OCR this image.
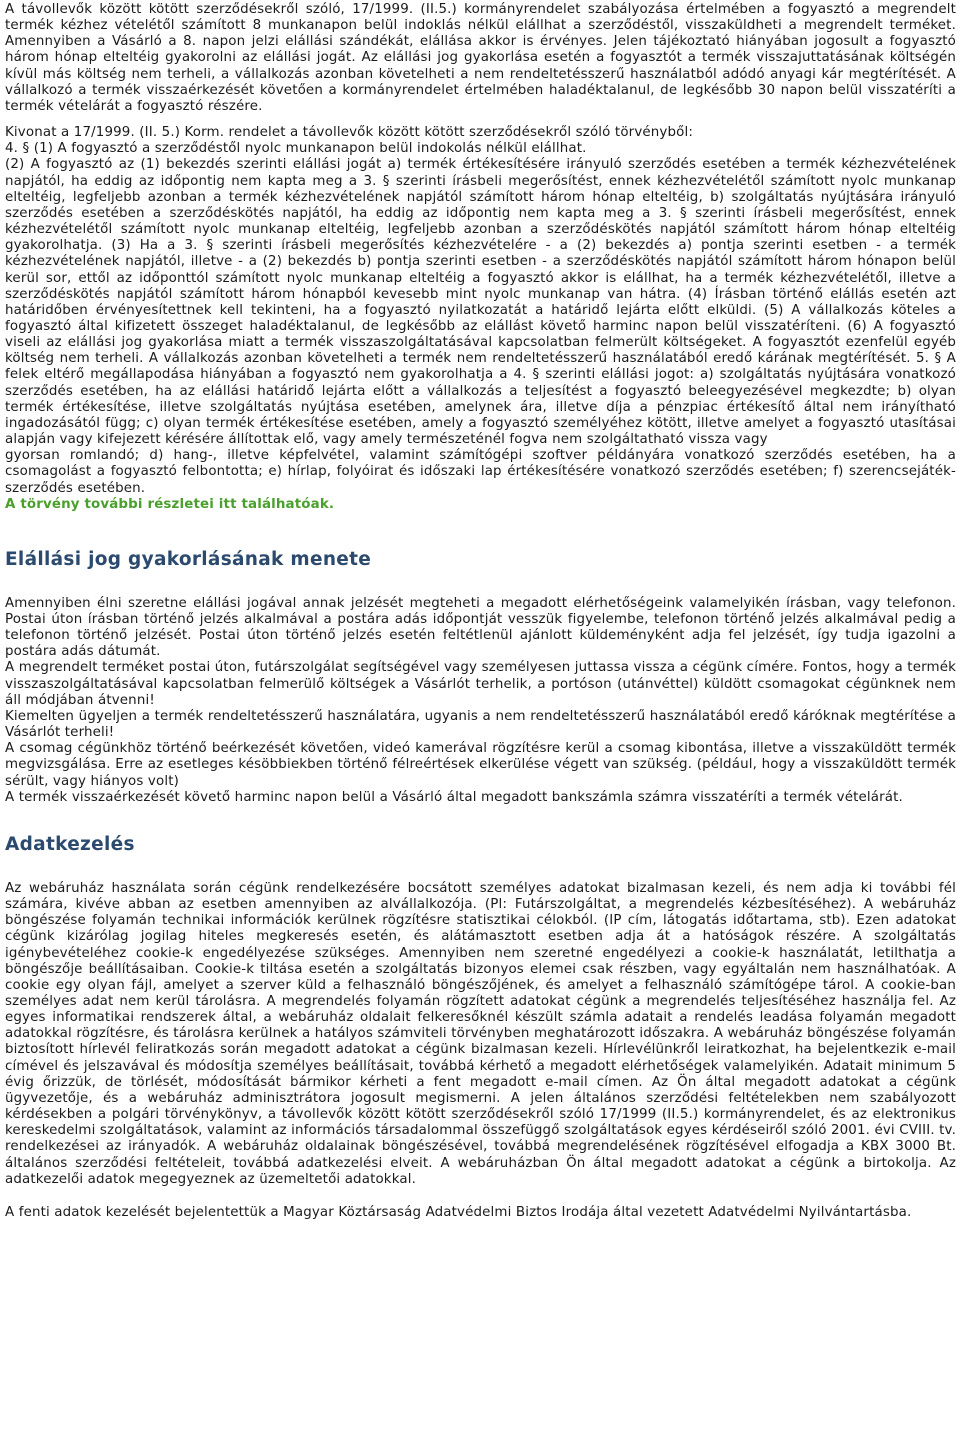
A távollevők között kötött szerződésekről szóló, 17/1999. (II.5.) kormányrendelet szabályozása értelmében a fogyasztó a megrendelt termék kézhez vételétől számított 8 munkanapon belül indoklás nélkül elállhat a szerződéstől, visszaküldheti a megrendelt terméket. Amennyiben a Vásárló a 8. napon jelzi elállási szándékát, elállása akkor is érvényes. Jelen tájékoztató hiányában jogosult a fogyasztó három hónap elteltéig gyakorolni az elállási jogát. Az elállási jog gyakorlása esetén a fogyasztót a termék visszajuttatásának költségén kívül más költség nem terheli, a vállalkozás azonban követelheti a nem rendeltetésszerű használatból adódó anyagi kár megtérítését. A vállalkozó a termék visszaérkezését követően a kormányrendelet értelmében haladéktalanul, de legkésőbb 30 napon belül visszatéríti a termék vételárát a fogyasztó részére.

Kivonat a 17/1999. (II. 5.) Korm. rendelet a távollevők között kötött szerződésekről szóló törvényből:
4. § (1) A fogyasztó a szerződéstől nyolc munkanapon belül indokolás nélkül elállhat.
(2) A fogyasztó az (1) bekezdés szerinti elállási jogát a) termék értékesítésére irányuló szerződés esetében a termék kézhezvételének napjától, ha eddig az időpontig nem kapta meg a 3. § szerinti írásbeli megerősítést, ennek kézhezvételétől számított nyolc munkanap elteltéig, legfeljebb azonban a termék kézhezvételének napjától számított három hónap elteltéig, b) szolgáltatás nyújtására irányuló szerződés esetében a szerződéskötés napjától, ha eddig az időpontig nem kapta meg a 3. § szerinti írásbeli megerősítést, ennek kézhezvételétől számított nyolc munkanap elteltéig, legfeljebb azonban a szerződéskötés napjától számított három hónap elteltéig gyakorolhatja. (3) Ha a 3. § szerinti írásbeli megerősítés kézhezvételére - a (2) bekezdés a) pontja szerinti esetben - a termék kézhezvételének napjától, illetve - a (2) bekezdés b) pontja szerinti esetben - a szerződéskötés napjától számított három hónapon belül kerül sor, ettől az időponttól számított nyolc munkanap elteltéig a fogyasztó akkor is elállhat, ha a termék kézhezvételétől, illetve a szerződéskötés napjától számított három hónapból kevesebb mint nyolc munkanap van hátra. (4) Írásban történő elállás esetén azt határidőben érvényesítettnek kell tekinteni, ha a fogyasztó nyilatkozatát a határidő lejárta előtt elküldi. (5) A vállalkozás köteles a fogyasztó által kifizetett összeget haladéktalanul, de legkésőbb az elállást követő harminc napon belül visszatéríteni. (6) A fogyasztó viseli az elállási jog gyakorlása miatt a termék visszaszolgáltatásával kapcsolatban felmerült költségeket. A fogyasztót ezenfelül egyéb költség nem terheli. A vállalkozás azonban követelheti a termék nem rendeltetésszerű használatából eredő kárának megtérítését. 5. § A felek eltérő megállapodása hiányában a fogyasztó nem gyakorolhatja a 4. § szerinti elállási jogot: a) szolgáltatás nyújtására vonatkozó szerződés esetében, ha az elállási határidő lejárta előtt a vállalkozás a teljesítést a fogyasztó beleegyezésével megkezdte; b) olyan termék értékesítése, illetve szolgáltatás nyújtása esetében, amelynek ára, illetve díja a pénzpiac értékesítő által nem irányítható ingadozásától függ; c) olyan termék értékesítése esetében, amely a fogyasztó személyéhez kötött, illetve amelyet a fogyasztó utasításai alapján vagy kifejezett kérésére állítottak elő, vagy amely természeténél fogva nem szolgáltatható vissza vagy
gyorsan romlandó; d) hang-, illetve képfelvétel, valamint számítógépi szoftver példányára vonatkozó szerződés esetében, ha a csomagolást a fogyasztó felbontotta; e) hírlap, folyóirat és időszaki lap értékesítésére vonatkozó szerződés esetében; f) szerencsejáték-szerződés esetében.

A törvény további részletei itt találhatóak.

Elállási jog gyakorlásának menete

Amennyiben élni szeretne elállási jogával annak jelzését megteheti a megadott elérhetőségeink valamelyikén írásban, vagy telefonon. Postai úton írásban történő jelzés alkalmával a postára adás időpontját vesszük figyelembe, telefonon történő jelzés alkalmával pedig a telefonon történő jelzését. Postai úton történő jelzés esetén feltétlenül ajánlott küldeményként adja fel jelzését, így tudja igazolni a postára adás dátumát.
A megrendelt terméket postai úton, futárszolgálat segítségével vagy személyesen juttassa vissza a cégünk címére. Fontos, hogy a termék visszaszolgáltatásával kapcsolatban felmerülő költségek a Vásárlót terhelik, a portóson (utánvéttel) küldött csomagokat cégünknek nem áll módjában átvenni!
Kiemelten ügyeljen a termék rendeltetésszerű használatára, ugyanis a nem rendeltetésszerű használatából eredő káróknak megtérítése a Vásárlót terheli!
A csomag cégünkhöz történő beérkezését követően, videó kamerával rögzítésre kerül a csomag kibontása, illetve a visszaküldött termék megvizsgálása. Erre az esetleges késöbbiekben történő félreértések elkerülése végett van szükség. (például, hogy a visszaküldött termék sérült, vagy hiányos volt)
A termék visszaérkezését követő harminc napon belül a Vásárló által megadott bankszámla számra visszatéríti a termék vételárát.

Adatkezelés

Az webáruház használata során cégünk rendelkezésére bocsátott személyes adatokat bizalmasan kezeli, és nem adja ki további fél számára, kivéve abban az esetben amennyiben az alvállalkozója. (Pl: Futárszolgáltat, a megrendelés kézbesítéséhez). A webáruház böngészése folyamán technikai információk kerülnek rögzítésre statisztikai célokból. (IP cím, látogatás időtartama, stb). Ezen adatokat cégünk kizárólag jogilag hiteles megkeresés esetén, és alátámasztott esetben adja át a hatóságok részére. A szolgáltatás igénybevételéhez cookie-k engedélyezése szükséges. Amennyiben nem szeretné engedélyezi a cookie-k használatát, letilthatja a böngészője beállításaiban. Cookie-k tiltása esetén a szolgáltatás bizonyos elemei csak részben, vagy egyáltalán nem használhatóak. A cookie egy olyan fájl, amelyet a szerver küld a felhasználó böngészőjének, és amelyet a felhasználó számítógépe tárol. A cookie-ban személyes adat nem kerül tárolásra. A megrendelés folyamán rögzített adatokat cégünk a megrendelés teljesítéséhez használja fel. Az egyes informatikai rendszerek által, a webáruház oldalait felkeresőknél készült számla adatait a rendelés leadása folyamán megadott adatokkal rögzítésre, és tárolásra kerülnek a hatályos számviteli törvényben meghatározott időszakra. A webáruház böngészése folyamán biztosított hírlevél feliratkozás során megadott adatokat a cégünk bizalmasan kezeli. Hírlevélünkről leiratkozhat, ha bejelentkezik e-mail címével és jelszavával és módosítja személyes beállításait, továbbá kérhető a megadott elérhetőségek valamelyikén. Adatait minimum 5 évig őrizzük, de törlését, módosítását bármikor kérheti a fent megadott e-mail címen. Az Ön által megadott adatokat a cégünk ügyvezetője, és a webáruház adminisztrátora jogosult megismerni. A jelen általános szerződési feltételekben nem szabályozott kérdésekben a polgári törvénykönyv, a távollevők között kötött szerződésekről szóló 17/1999 (II.5.) kormányrendelet, és az elektronikus kereskedelmi szolgáltatások, valamint az információs társadalommal összefüggő szolgáltatások egyes kérdéseiről szóló 2001. évi CVIII. tv. rendelkezései az irányadók. A webáruház oldalainak böngészésével, továbbá megrendelésének rögzítésével elfogadja a KBX 3000 Bt. általános szerződési feltételeit, továbbá adatkezelési elveit. A webáruházban Ön által megadott adatokat a cégünk a birtokolja. Az adatkezelői adatok megegyeznek az üzemeltetői adatokkal.

A fenti adatok kezelését bejelentettük a Magyar Köztársaság Adatvédelmi Biztos Irodája által vezetett Adatvédelmi Nyilvántartásba.
